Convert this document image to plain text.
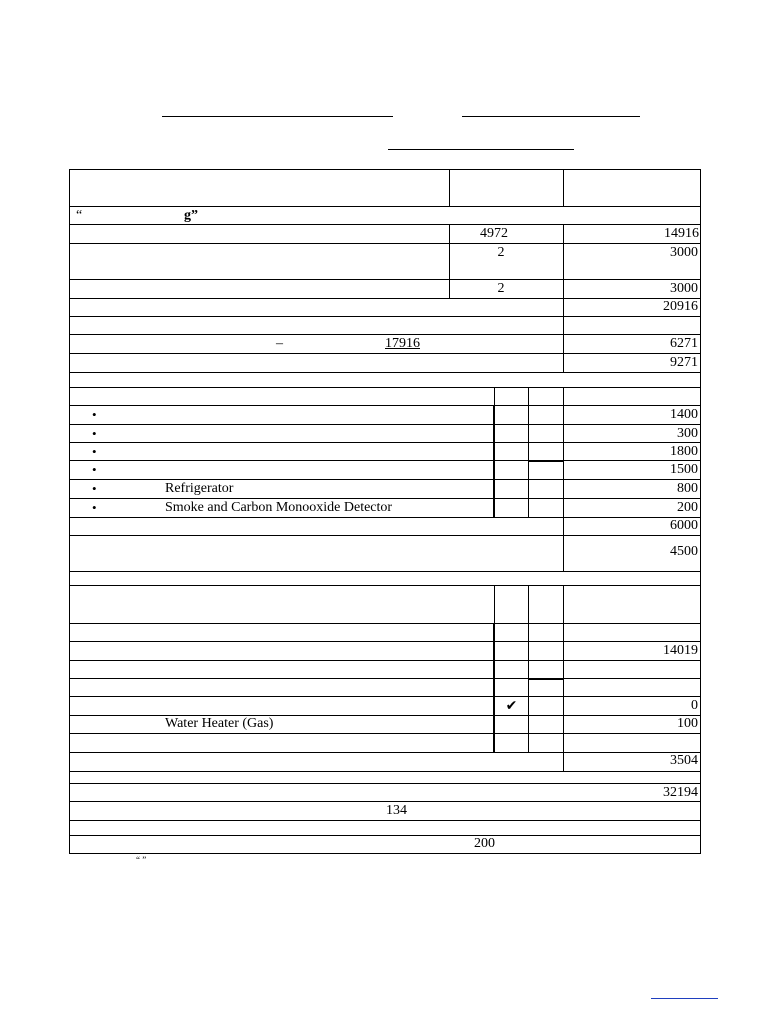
“	g”
4972	14916
2	3000
2	3000
20916
–	17916	6271
9271
•	1400
•	300
•	1800
•	1500
•	Refrigerator	800
•	Smoke and Carbon Monooxide Detector	200
6000
4500
14019
✔	0
Water Heater (Gas)	100
3504
32194
134
200
“ ”
